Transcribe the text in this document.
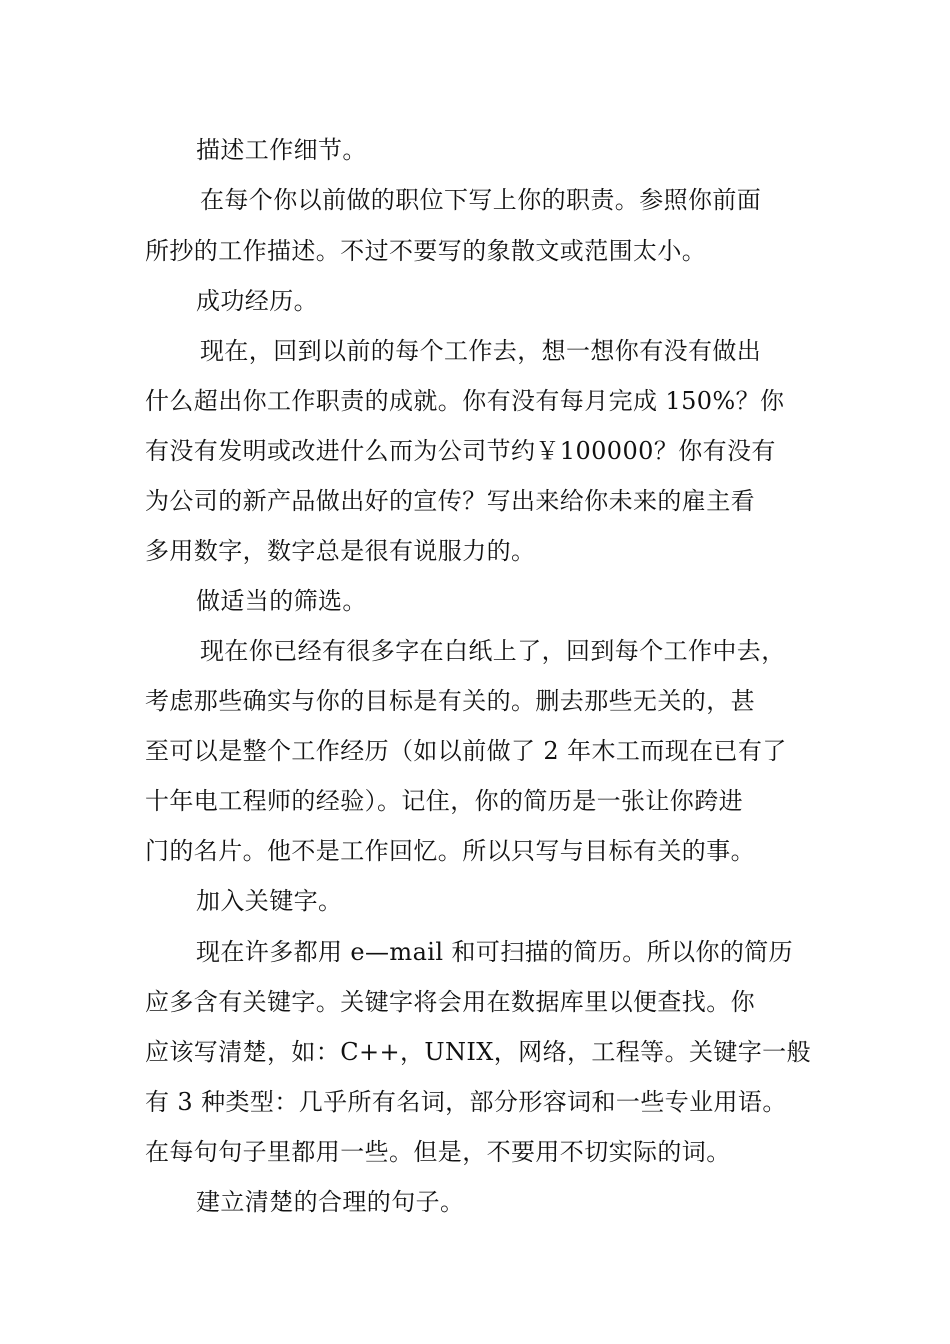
描述工作细节。
在每个你以前做的职位下写上你的职责。参照你前面
所抄的工作描述。不过不要写的象散文或范围太小。
成功经历。
现在，回到以前的每个工作去，想一想你有没有做出
什么超出你工作职责的成就。你有没有每月完成 150%？你
有没有发明或改进什么而为公司节约￥100000？你有没有
为公司的新产品做出好的宣传？写出来给你未来的雇主看
多用数字，数字总是很有说服力的。
做适当的筛选。
现在你已经有很多字在白纸上了，回到每个工作中去，
考虑那些确实与你的目标是有关的。删去那些无关的，甚
至可以是整个工作经历（如以前做了 2 年木工而现在已有了
十年电工程师的经验）。记住，你的简历是一张让你跨进
门的名片。他不是工作回忆。所以只写与目标有关的事。
加入关键字。
现在许多都用 e—mail 和可扫描的简历。所以你的简历
应多含有关键字。关键字将会用在数据库里以便查找。你
应该写清楚，如：C++，UNIX，网络，工程等。关键字一般
有 3 种类型：几乎所有名词，部分形容词和一些专业用语。
在每句句子里都用一些。但是，不要用不切实际的词。
建立清楚的合理的句子。
